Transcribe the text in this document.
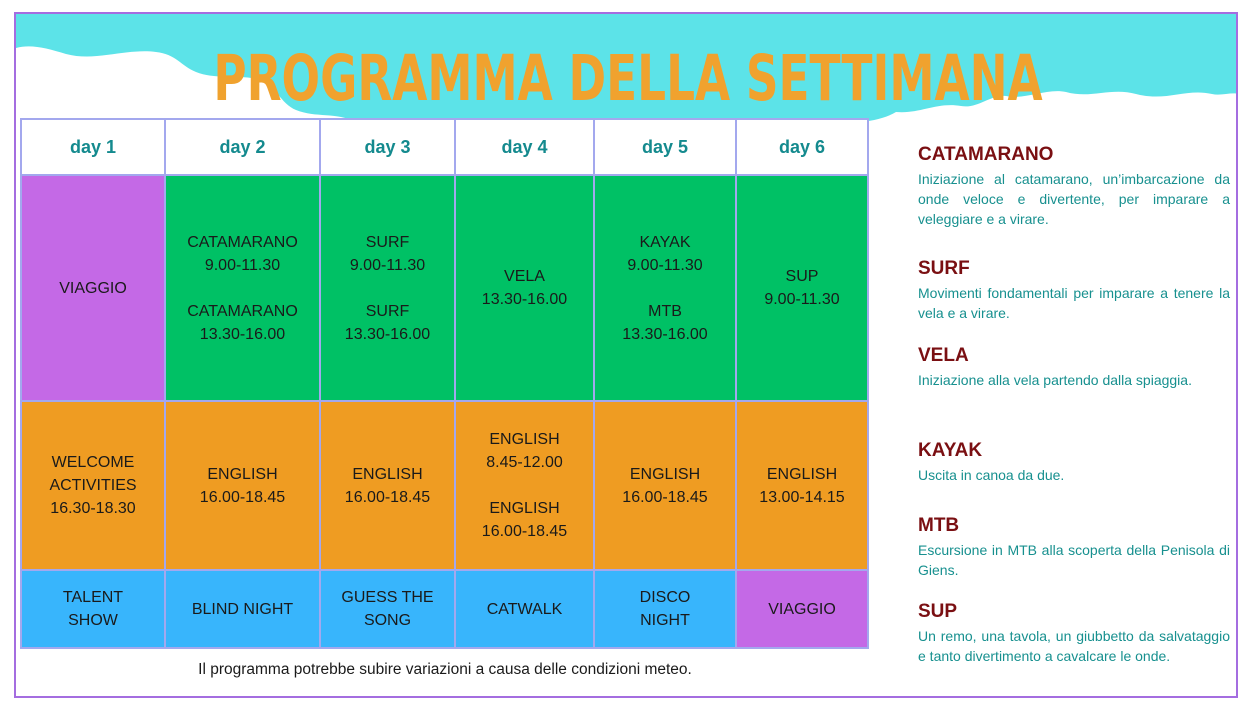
PROGRAMMA DELLA SETTIMANA

CATAMARANO

Iniziazione al catamarano, un’imbarcazione da onde veloce e divertente, per imparare a veleggiare e a virare.

SURF

Movimenti fondamentali per imparare a tenere la vela e a virare.

VELA

Iniziazione alla vela partendo dalla spiaggia.

KAYAK

Uscita in canoa da due.

MTB

Escursione in MTB alla scoperta della Penisola di Giens.

SUP

Un remo, una tavola, un giubbetto da salvataggio e tanto divertimento a cavalcare le onde.

day 1	day 2	day 3	day 4	day 5	day 6
VIAGGIO	CATAMARANO
9.00-11.30
CATAMARANO
13.30-16.00	SURF
9.00-11.30
SURF
13.30-16.00	VELA
13.30-16.00	KAYAK
9.00-11.30
MTB
13.30-16.00	SUP
9.00-11.30
WELCOME
ACTIVITIES
16.30-18.30	ENGLISH
16.00-18.45	ENGLISH
16.00-18.45	ENGLISH
8.45-12.00
ENGLISH
16.00-18.45	ENGLISH
16.00-18.45	ENGLISH
13.00-14.15
TALENT
SHOW	BLIND NIGHT	GUESS THE
SONG	CATWALK	DISCO
NIGHT	VIAGGIO

Il programma potrebbe subire variazioni a causa delle condizioni meteo.
